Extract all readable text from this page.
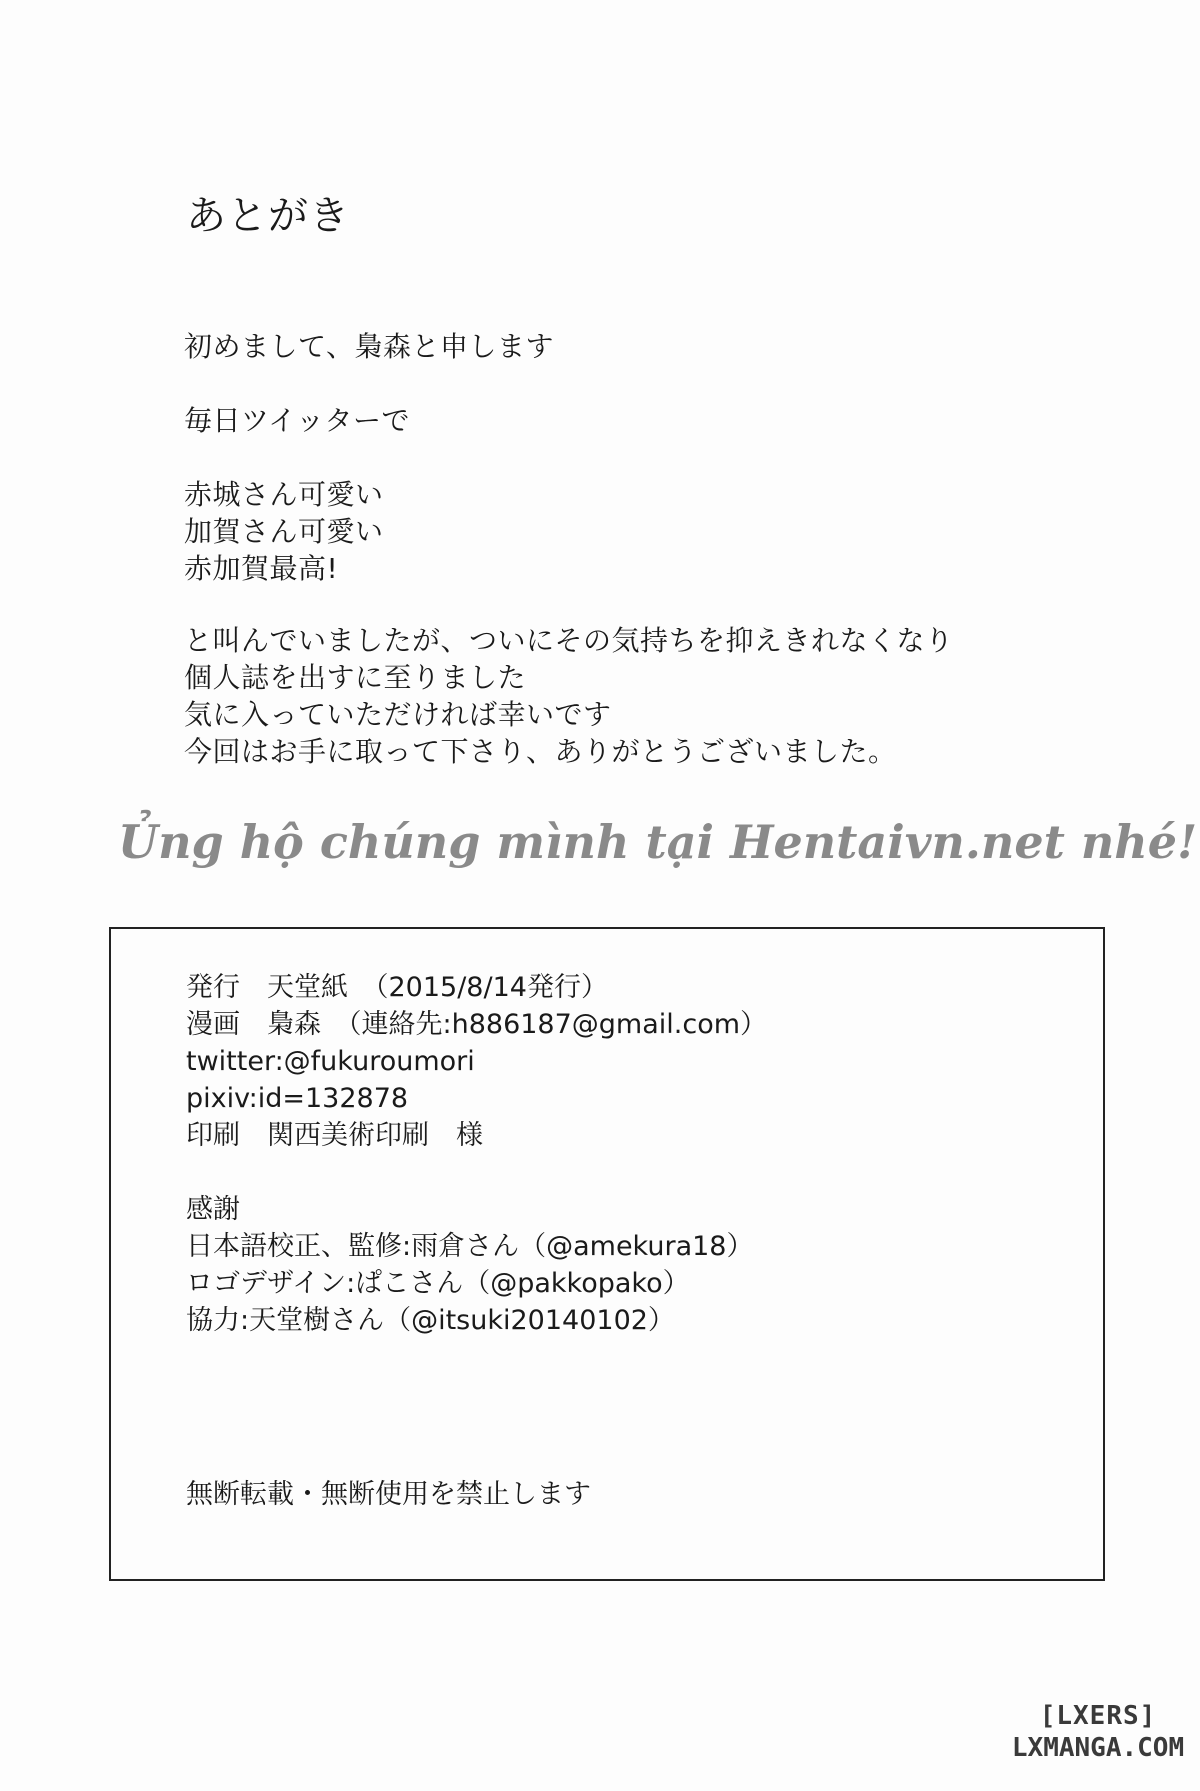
あとがき
初めまして、梟森と申します
毎日ツイッターで
赤城さん可愛い
加賀さん可愛い
赤加賀最高!
と叫んでいましたが、ついにその気持ちを抑えきれなくなり
個人誌を出すに至りました
気に入っていただければ幸いです
今回はお手に取って下さり、ありがとうございました。
Ủng hộ chúng mình tại Hentaivn.net nhé!
発行　天堂紙　（2015/8/14発行）
漫画　梟森　（連絡先:h886187@gmail.com）
twitter:@fukuroumori
pixiv:id=132878
印刷　関西美術印刷　様
感謝
日本語校正、監修:雨倉さん（@amekura18）
ロゴデザイン:ぱこさん（@pakkopako）
協力:天堂樹さん（@itsuki20140102）
無断転載・無断使用を禁止します
[LXERS]
LXMANGA.COM
